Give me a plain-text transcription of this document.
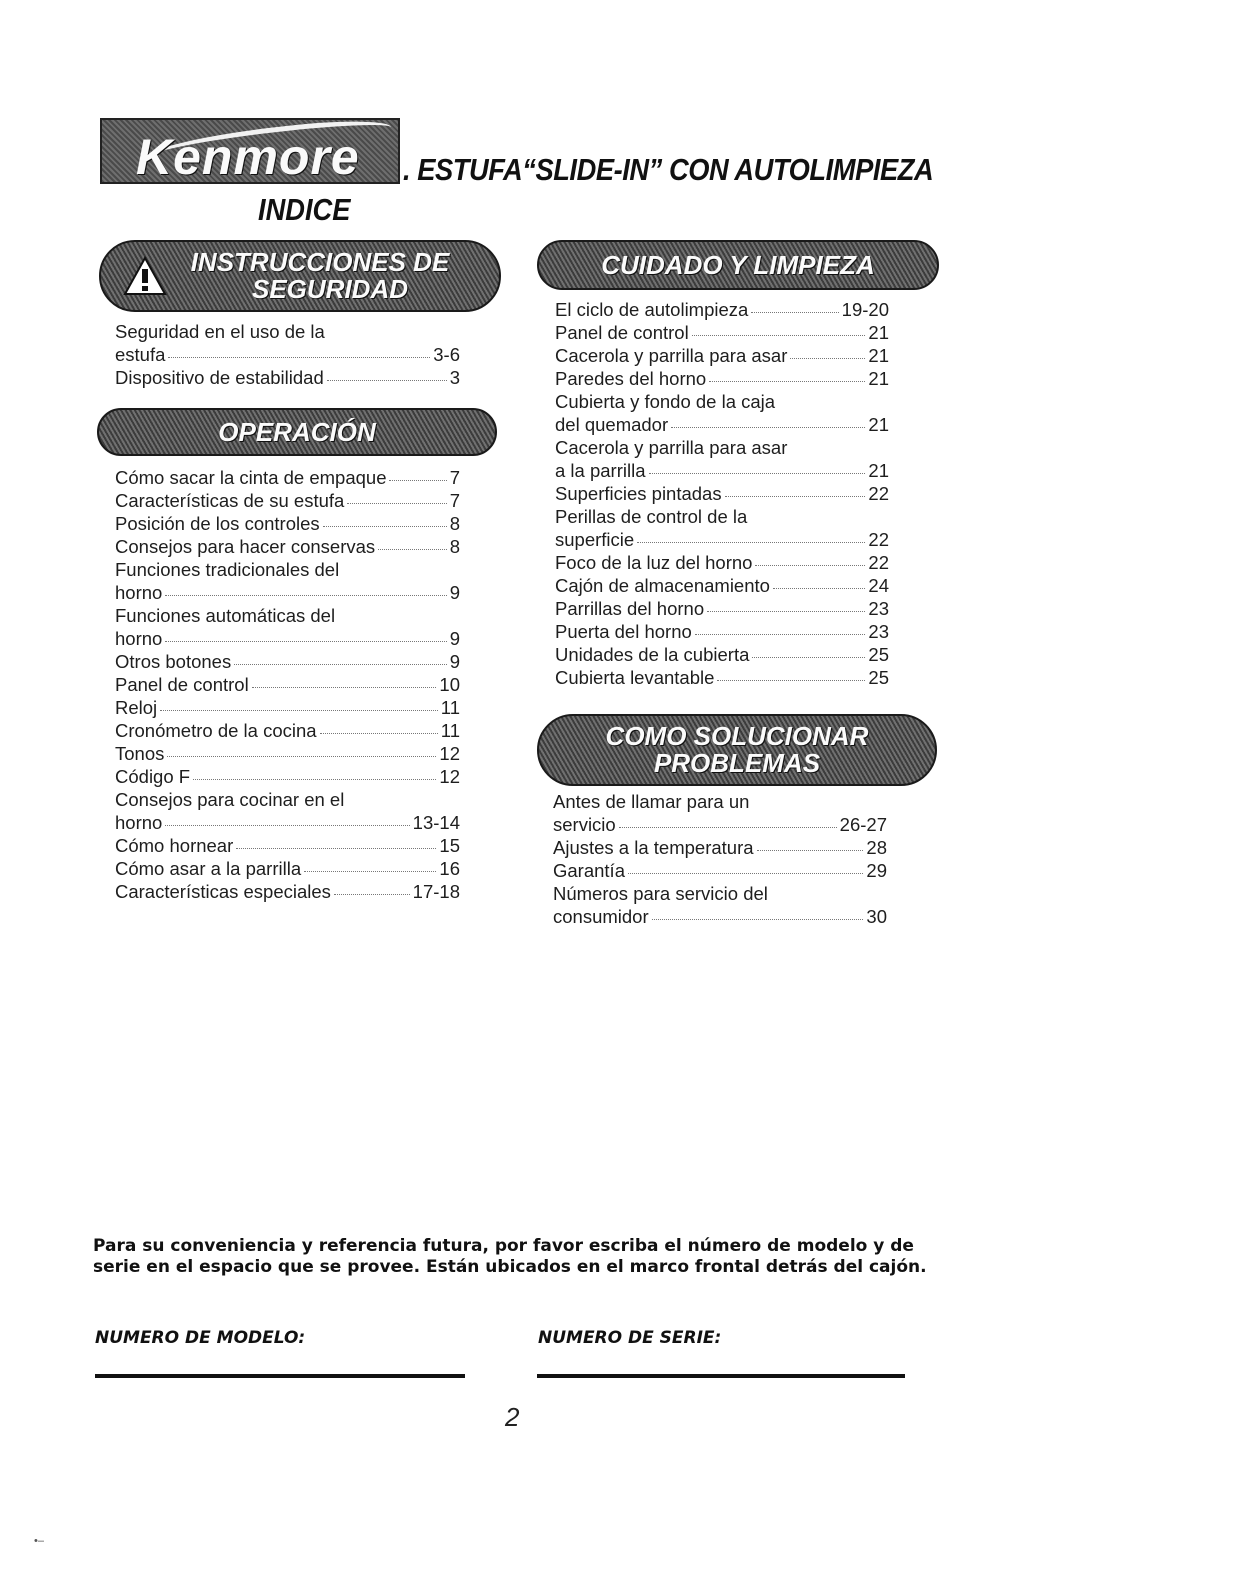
Kenmore . ESTUFA“SLIDE-IN” CON AUTOLIMPIEZA
INDICE
INSTRUCCIONES DE
SEGURIDAD
Seguridad en el uso de la
estufa	3-6
Dispositivo de estabilidad	3
OPERACIÓN
Cómo sacar la cinta de empaque	7
Características de su estufa	7
Posición de los controles	8
Consejos para hacer conservas	8
Funciones tradicionales del
horno	9
Funciones automáticas del
horno	9
Otros botones	9
Panel de control	10
Reloj	11
Cronómetro de la cocina	11
Tonos	12
Código F	12
Consejos para cocinar en el
horno	13-14
Cómo hornear	15
Cómo asar a la parrilla	16
Características especiales	17-18
CUIDADO Y LIMPIEZA
El ciclo de autolimpieza	19-20
Panel de control	21
Cacerola y parrilla para asar	21
Paredes del horno	21
Cubierta y fondo de la caja
del quemador	21
Cacerola y parrilla para asar
a la parrilla	21
Superficies pintadas	22
Perillas de control de la
superficie	22
Foco de la luz del horno	22
Cajón de almacenamiento	24
Parrillas del horno	23
Puerta del horno	23
Unidades de la cubierta	25
Cubierta levantable	25
COMO SOLUCIONAR
PROBLEMAS
Antes de llamar para un
servicio	26-27
Ajustes a la temperatura	28
Garantía	29
Números para servicio del
consumidor	30
Para su conveniencia y referencia futura, por favor escriba el número de modelo y de serie en el espacio que se provee. Están ubicados en el marco frontal detrás del cajón.
NUMERO DE MODELO:	NUMERO DE SERIE:
2
•–
